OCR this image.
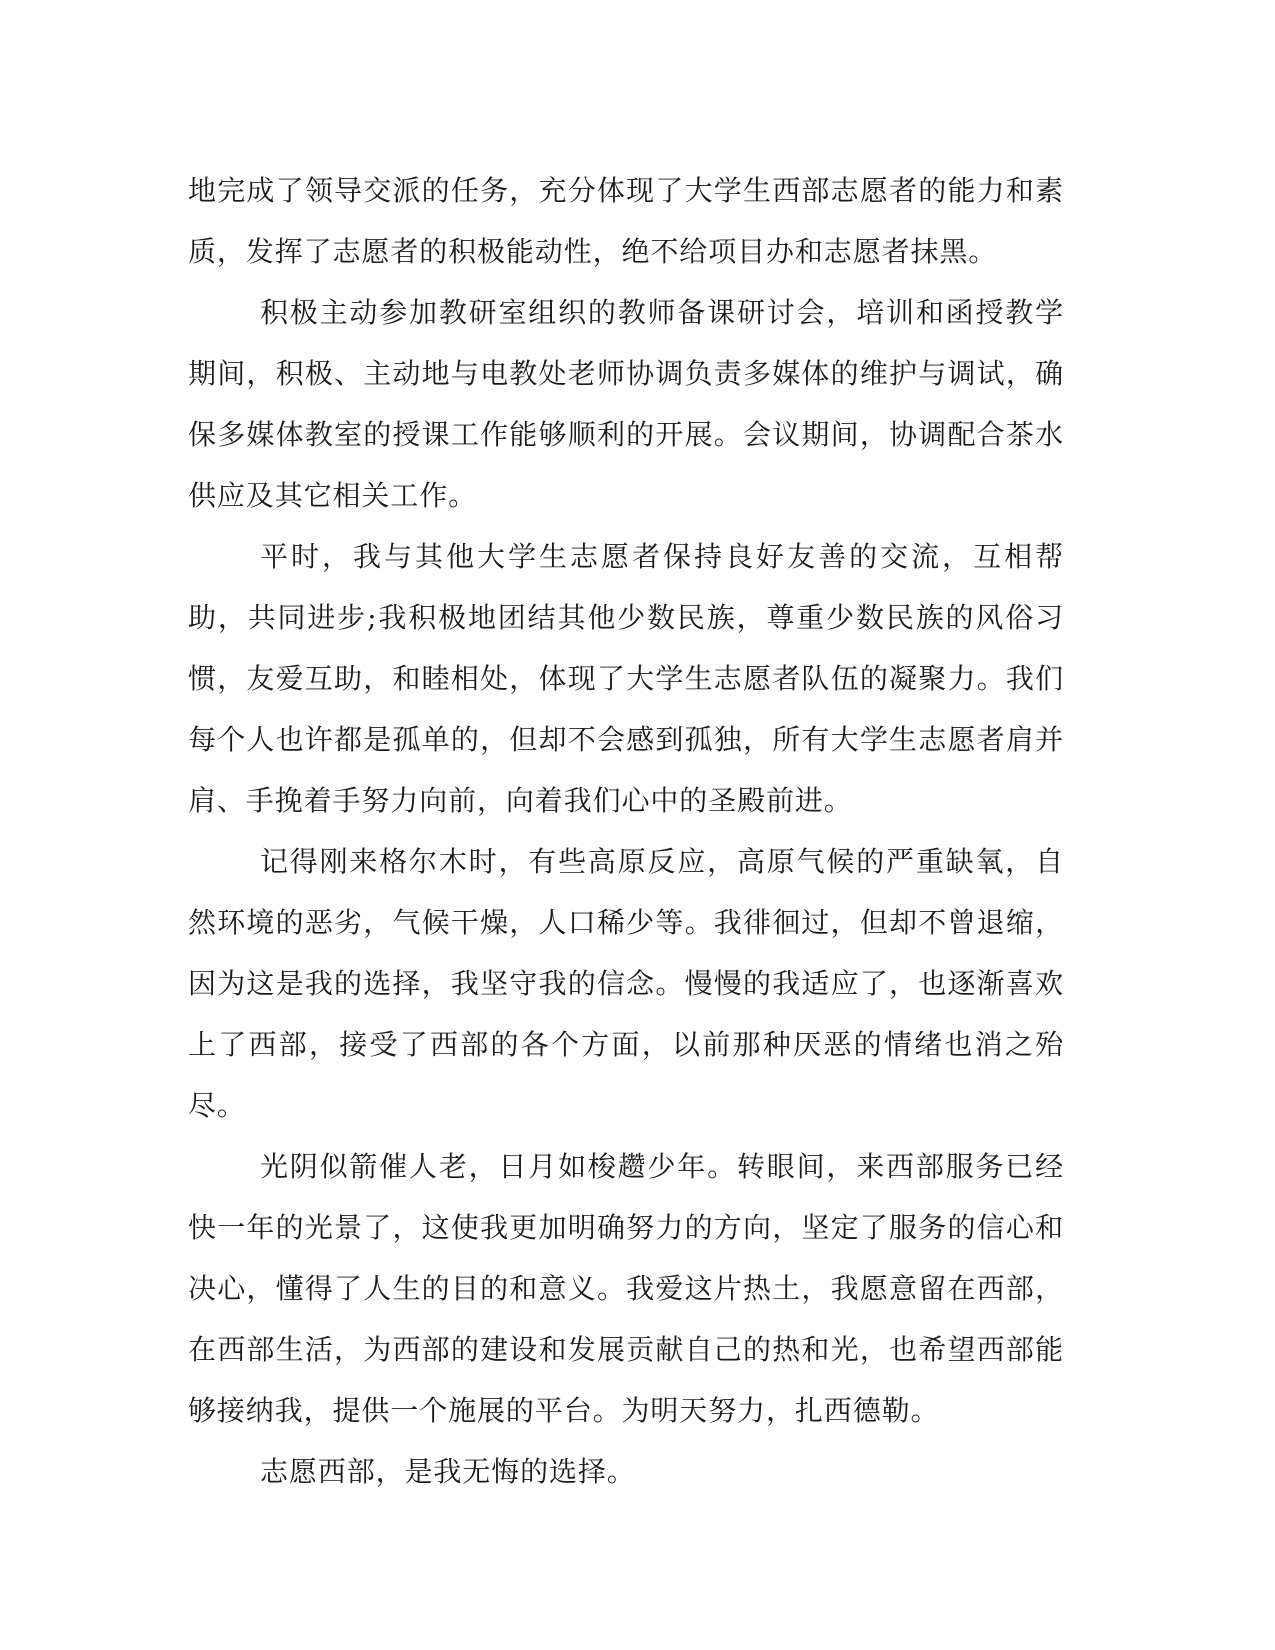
地完成了领导交派的任务，充分体现了大学生西部志愿者的能力和素质，发挥了志愿者的积极能动性，绝不给项目办和志愿者抹黑。

积极主动参加教研室组织的教师备课研讨会，培训和函授教学期间，积极、主动地与电教处老师协调负责多媒体的维护与调试，确保多媒体教室的授课工作能够顺利的开展。会议期间，协调配合茶水供应及其它相关工作。

平时，我与其他大学生志愿者保持良好友善的交流，互相帮助，共同进步;我积极地团结其他少数民族，尊重少数民族的风俗习惯，友爱互助，和睦相处，体现了大学生志愿者队伍的凝聚力。我们每个人也许都是孤单的，但却不会感到孤独，所有大学生志愿者肩并肩、手挽着手努力向前，向着我们心中的圣殿前进。

记得刚来格尔木时，有些高原反应，高原气候的严重缺氧，自然环境的恶劣，气候干燥，人口稀少等。我徘徊过，但却不曾退缩，因为这是我的选择，我坚守我的信念。慢慢的我适应了，也逐渐喜欢上了西部，接受了西部的各个方面，以前那种厌恶的情绪也消之殆尽。

光阴似箭催人老，日月如梭趱少年。转眼间，来西部服务已经快一年的光景了，这使我更加明确努力的方向，坚定了服务的信心和决心，懂得了人生的目的和意义。我爱这片热土，我愿意留在西部，在西部生活，为西部的建设和发展贡献自己的热和光，也希望西部能够接纳我，提供一个施展的平台。为明天努力，扎西德勒。

志愿西部，是我无悔的选择。
